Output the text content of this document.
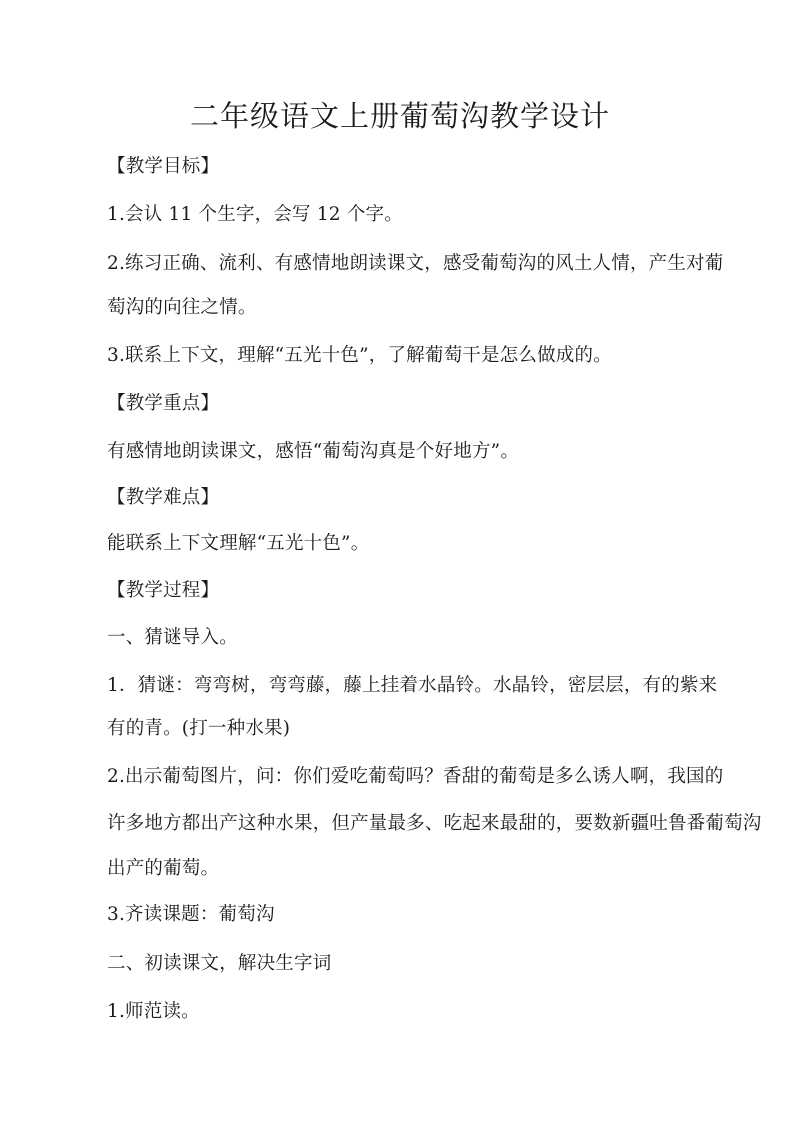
二年级语文上册葡萄沟教学设计
【教学目标】
1.会认 11 个生字，会写 12 个字。
2.练习正确、流利、有感情地朗读课文，感受葡萄沟的风土人情，产生对葡
萄沟的向往之情。
3.联系上下文，理解“五光十色”，了解葡萄干是怎么做成的。
【教学重点】
有感情地朗读课文，感悟“葡萄沟真是个好地方”。
【教学难点】
能联系上下文理解“五光十色”。
【教学过程】
一、猜谜导入。
1．猜谜：弯弯树，弯弯藤，藤上挂着水晶铃。水晶铃，密层层，有的紫来
有的青。(打一种水果)
2.出示葡萄图片，问：你们爱吃葡萄吗？香甜的葡萄是多么诱人啊，我国的
许多地方都出产这种水果，但产量最多、吃起来最甜的，要数新疆吐鲁番葡萄沟
出产的葡萄。
3.齐读课题：葡萄沟
二、初读课文，解决生字词
1.师范读。
